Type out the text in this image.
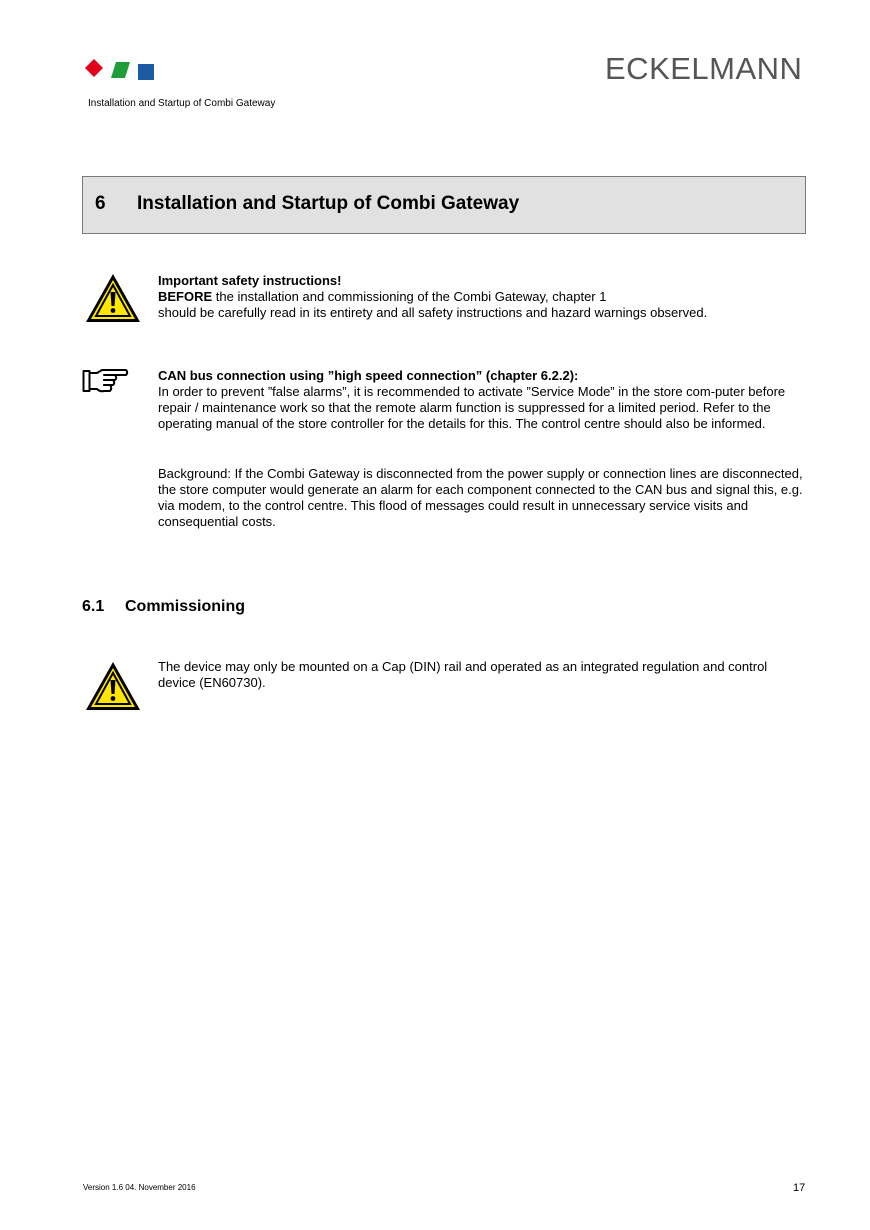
ECKELMANN
Installation and Startup of Combi Gateway
6 Installation and Startup of Combi Gateway

Important safety instructions!

BEFORE the installation and commissioning of the Combi Gateway, chapter 1

should be carefully read in its entirety and all safety instructions and hazard warnings observed.

CAN bus connection using ”high speed connection” (chapter 6.2.2):

In order to prevent ”false alarms”, it is recommended to activate ”Service Mode” in the store com-puter before repair / maintenance work so that the remote alarm function is suppressed for a limited period. Refer to the operating manual of the store controller for the details for this. The control centre should also be informed.

Background: If the Combi Gateway is disconnected from the power supply or connection lines are disconnected, the store computer would generate an alarm for each component connected to the CAN bus and signal this, e.g. via modem, to the control centre. This flood of messages could result in unnecessary service visits and consequential costs.
6.1 Commissioning
The device may only be mounted on a Cap (DIN) rail and operated as an integrated regulation and control device (EN60730).
Version 1.6 04. November 2016	17
